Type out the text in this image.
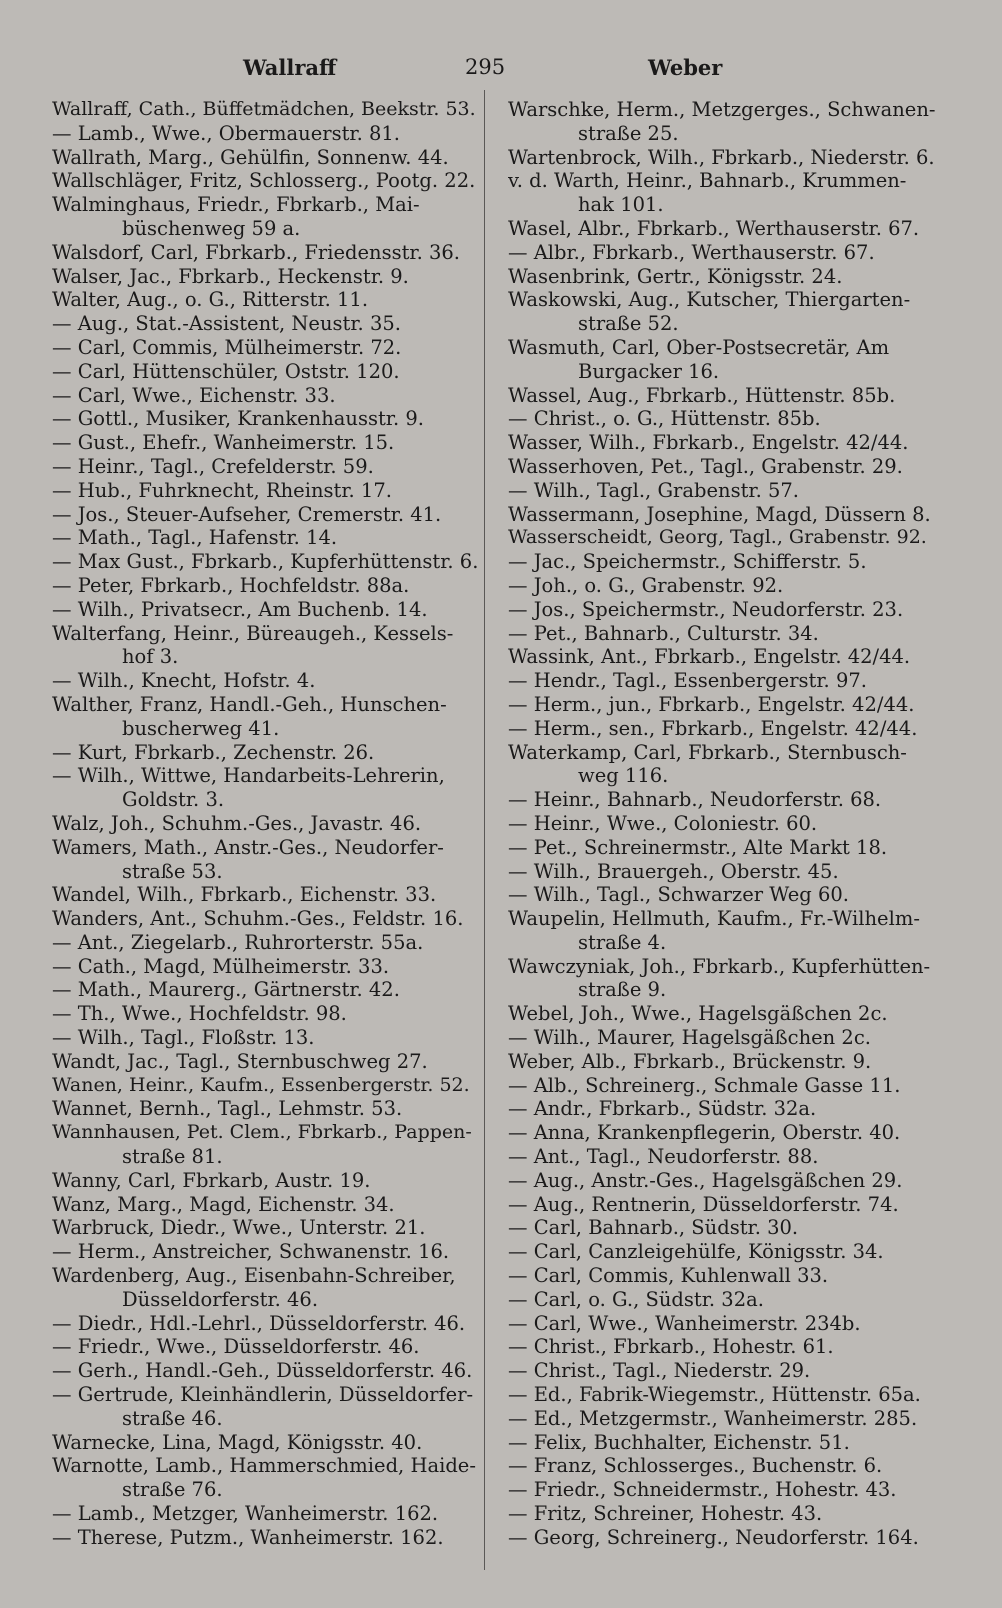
Wallraff	295	Weber
Wallraff, Cath., Büffetmädchen, Beekstr. 53.
— Lamb., Wwe., Obermauerstr. 81.
Wallrath, Marg., Gehülfin, Sonnenw. 44.
Wallschläger, Fritz, Schlosserg., Pootg. 22.
Walminghaus, Friedr., Fbrkarb., Mai-
büschenweg 59 a.
Walsdorf, Carl, Fbrkarb., Friedensstr. 36.
Walser, Jac., Fbrkarb., Heckenstr. 9.
Walter, Aug., o. G., Ritterstr. 11.
— Aug., Stat.-Assistent, Neustr. 35.
— Carl, Commis, Mülheimerstr. 72.
— Carl, Hüttenschüler, Oststr. 120.
— Carl, Wwe., Eichenstr. 33.
— Gottl., Musiker, Krankenhausstr. 9.
— Gust., Ehefr., Wanheimerstr. 15.
— Heinr., Tagl., Crefelderstr. 59.
— Hub., Fuhrknecht, Rheinstr. 17.
— Jos., Steuer-Aufseher, Cremerstr. 41.
— Math., Tagl., Hafenstr. 14.
— Max Gust., Fbrkarb., Kupferhüttenstr. 6.
— Peter, Fbrkarb., Hochfeldstr. 88a.
— Wilh., Privatsecr., Am Buchenb. 14.
Walterfang, Heinr., Büreaugeh., Kessels-
hof 3.
— Wilh., Knecht, Hofstr. 4.
Walther, Franz, Handl.-Geh., Hunschen-
buscherweg 41.
— Kurt, Fbrkarb., Zechenstr. 26.
— Wilh., Wittwe, Handarbeits-Lehrerin,
Goldstr. 3.
Walz, Joh., Schuhm.-Ges., Javastr. 46.
Wamers, Math., Anstr.-Ges., Neudorfer-
straße 53.
Wandel, Wilh., Fbrkarb., Eichenstr. 33.
Wanders, Ant., Schuhm.-Ges., Feldstr. 16.
— Ant., Ziegelarb., Ruhrorterstr. 55a.
— Cath., Magd, Mülheimerstr. 33.
— Math., Maurerg., Gärtnerstr. 42.
— Th., Wwe., Hochfeldstr. 98.
— Wilh., Tagl., Floßstr. 13.
Wandt, Jac., Tagl., Sternbuschweg 27.
Wanen, Heinr., Kaufm., Essenbergerstr. 52.
Wannet, Bernh., Tagl., Lehmstr. 53.
Wannhausen, Pet. Clem., Fbrkarb., Pappen-
straße 81.
Wanny, Carl, Fbrkarb, Austr. 19.
Wanz, Marg., Magd, Eichenstr. 34.
Warbruck, Diedr., Wwe., Unterstr. 21.
— Herm., Anstreicher, Schwanenstr. 16.
Wardenberg, Aug., Eisenbahn-Schreiber,
Düsseldorferstr. 46.
— Diedr., Hdl.-Lehrl., Düsseldorferstr. 46.
— Friedr., Wwe., Düsseldorferstr. 46.
— Gerh., Handl.-Geh., Düsseldorferstr. 46.
— Gertrude, Kleinhändlerin, Düsseldorfer-
straße 46.
Warnecke, Lina, Magd, Königsstr. 40.
Warnotte, Lamb., Hammerschmied, Haide-
straße 76.
— Lamb., Metzger, Wanheimerstr. 162.
— Therese, Putzm., Wanheimerstr. 162.
Warschke, Herm., Metzgerges., Schwanen-
straße 25.
Wartenbrock, Wilh., Fbrkarb., Niederstr. 6.
v. d. Warth, Heinr., Bahnarb., Krummen-
hak 101.
Wasel, Albr., Fbrkarb., Werthauserstr. 67.
— Albr., Fbrkarb., Werthauserstr. 67.
Wasenbrink, Gertr., Königsstr. 24.
Waskowski, Aug., Kutscher, Thiergarten-
straße 52.
Wasmuth, Carl, Ober-Postsecretär, Am
Burgacker 16.
Wassel, Aug., Fbrkarb., Hüttenstr. 85b.
— Christ., o. G., Hüttenstr. 85b.
Wasser, Wilh., Fbrkarb., Engelstr. 42/44.
Wasserhoven, Pet., Tagl., Grabenstr. 29.
— Wilh., Tagl., Grabenstr. 57.
Wassermann, Josephine, Magd, Düssern 8.
Wasserscheidt, Georg, Tagl., Grabenstr. 92.
— Jac., Speichermstr., Schifferstr. 5.
— Joh., o. G., Grabenstr. 92.
— Jos., Speichermstr., Neudorferstr. 23.
— Pet., Bahnarb., Culturstr. 34.
Wassink, Ant., Fbrkarb., Engelstr. 42/44.
— Hendr., Tagl., Essenbergerstr. 97.
— Herm., jun., Fbrkarb., Engelstr. 42/44.
— Herm., sen., Fbrkarb., Engelstr. 42/44.
Waterkamp, Carl, Fbrkarb., Sternbusch-
weg 116.
— Heinr., Bahnarb., Neudorferstr. 68.
— Heinr., Wwe., Coloniestr. 60.
— Pet., Schreinermstr., Alte Markt 18.
— Wilh., Brauergeh., Oberstr. 45.
— Wilh., Tagl., Schwarzer Weg 60.
Waupelin, Hellmuth, Kaufm., Fr.-Wilhelm-
straße 4.
Wawczyniak, Joh., Fbrkarb., Kupferhütten-
straße 9.
Webel, Joh., Wwe., Hagelsgäßchen 2c.
— Wilh., Maurer, Hagelsgäßchen 2c.
Weber, Alb., Fbrkarb., Brückenstr. 9.
— Alb., Schreinerg., Schmale Gasse 11.
— Andr., Fbrkarb., Südstr. 32a.
— Anna, Krankenpflegerin, Oberstr. 40.
— Ant., Tagl., Neudorferstr. 88.
— Aug., Anstr.-Ges., Hagelsgäßchen 29.
— Aug., Rentnerin, Düsseldorferstr. 74.
— Carl, Bahnarb., Südstr. 30.
— Carl, Canzleigehülfe, Königsstr. 34.
— Carl, Commis, Kuhlenwall 33.
— Carl, o. G., Südstr. 32a.
— Carl, Wwe., Wanheimerstr. 234b.
— Christ., Fbrkarb., Hohestr. 61.
— Christ., Tagl., Niederstr. 29.
— Ed., Fabrik-Wiegemstr., Hüttenstr. 65a.
— Ed., Metzgermstr., Wanheimerstr. 285.
— Felix, Buchhalter, Eichenstr. 51.
— Franz, Schlosserges., Buchenstr. 6.
— Friedr., Schneidermstr., Hohestr. 43.
— Fritz, Schreiner, Hohestr. 43.
— Georg, Schreinerg., Neudorferstr. 164.
